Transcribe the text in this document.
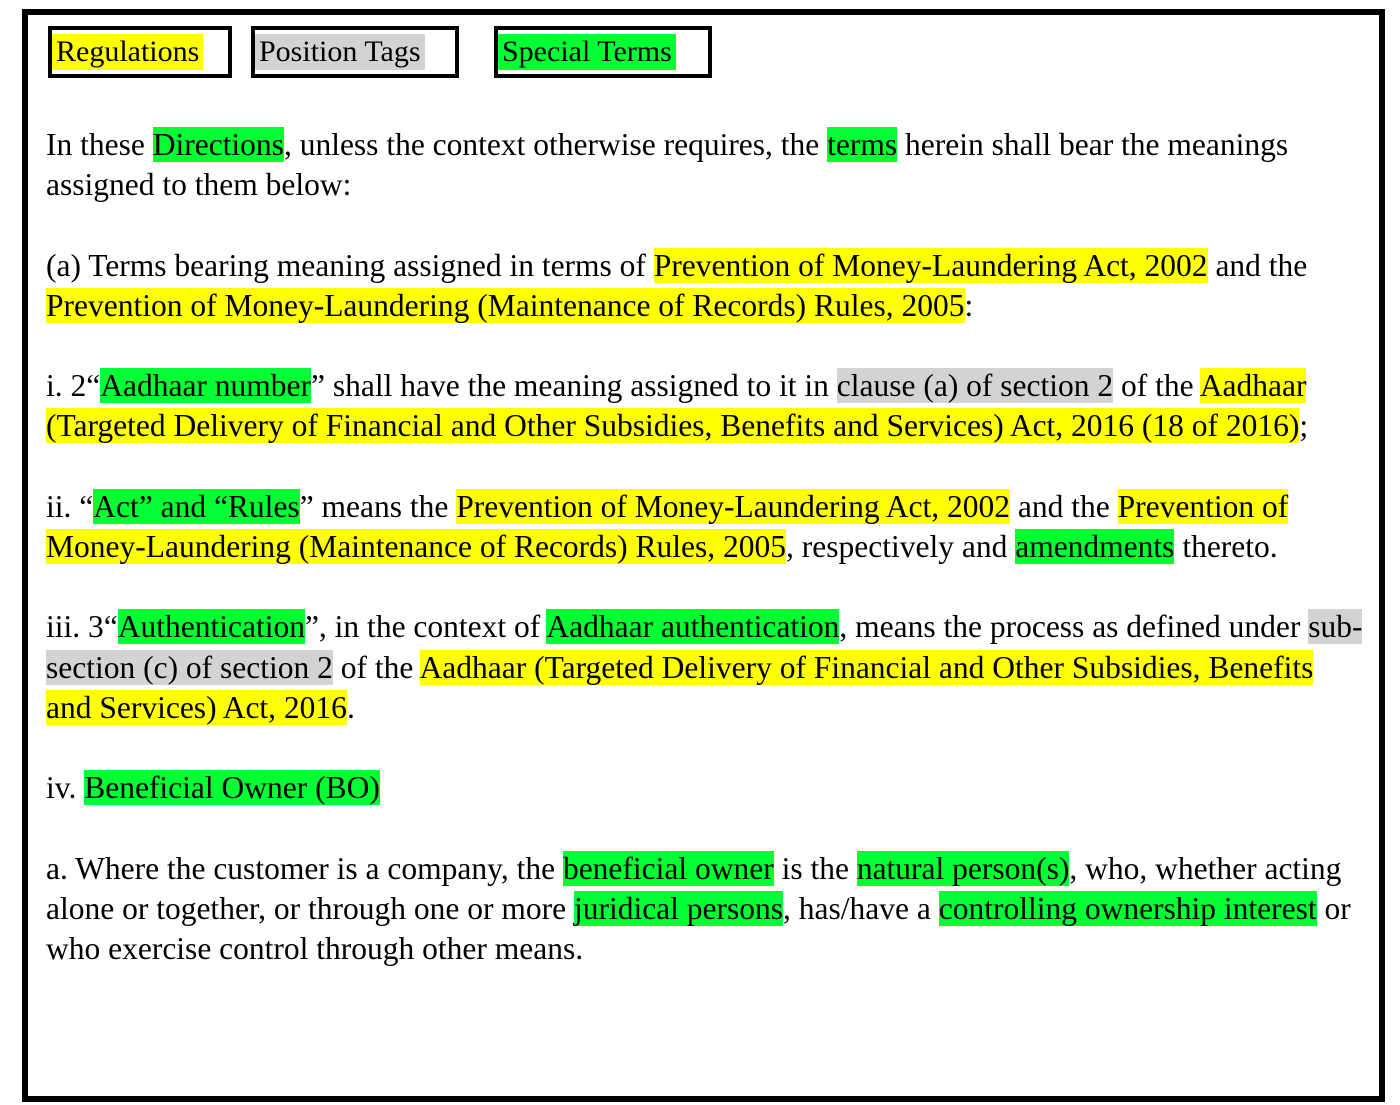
Regulations Position Tags	Special Terms

In these Directions, unless the context otherwise requires, the terms herein shall bear the meanings assigned to them below:

(a) Terms bearing meaning assigned in terms of Prevention of Money-Laundering Act, 2002 and the Prevention of Money-Laundering (Maintenance of Records) Rules, 2005:

i. 2“Aadhaar number” shall have the meaning assigned to it in clause (a) of section 2 of the Aadhaar (Targeted Delivery of Financial and Other Subsidies, Benefits and Services) Act, 2016 (18 of 2016);

ii. “Act” and “Rules” means the Prevention of Money-Laundering Act, 2002 and the Prevention of Money-Laundering (Maintenance of Records) Rules, 2005, respectively and amendments thereto.

iii. 3“Authentication”, in the context of Aadhaar authentication, means the process as defined under sub-section (c) of section 2 of the Aadhaar (Targeted Delivery of Financial and Other Subsidies, Benefits and Services) Act, 2016.

iv. Beneficial Owner (BO)

a. Where the customer is a company, the beneficial owner is the natural person(s), who, whether acting alone or together, or through one or more juridical persons, has/have a controlling ownership interest or who exercise control through other means.
